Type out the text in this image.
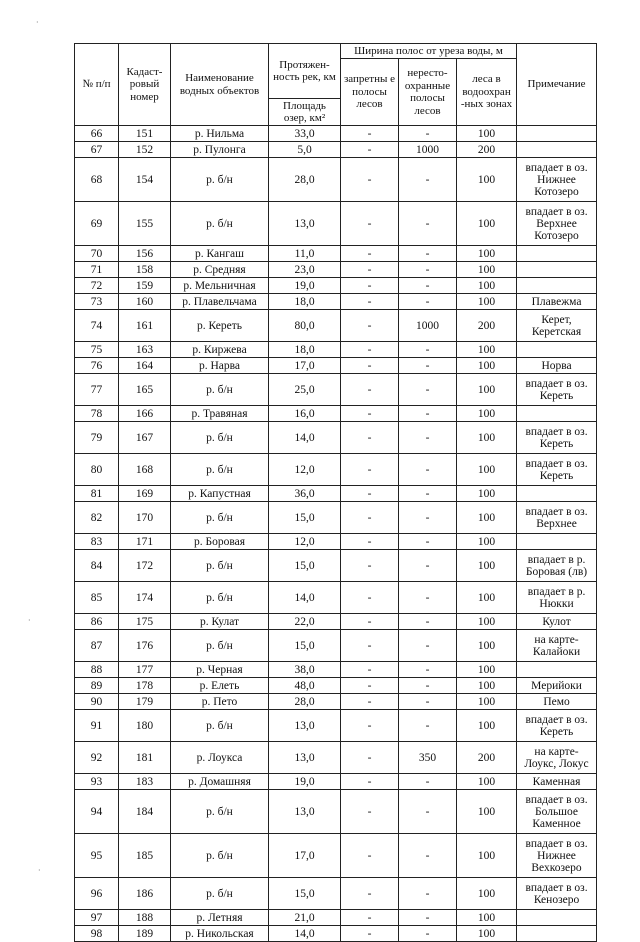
·
·
·
№ п/п	Кадаст-ровый номер	Наименование водных объектов	Протяжен-ность рек, км	Ширина полос от уреза воды, м			Примечание
				запретны е полосы лесов	нересто-охранные полосы лесов	леса в водоохран -ных зонах	
			Площадь озер, км²				
66	151	р. Нильма	33,0	-	-	100	
67	152	р. Пулонга	5,0	-	1000	200	
68	154	р. б/н	28,0	-	-	100	впадает в оз. Нижнее Котозеро
69	155	р. б/н	13,0	-	-	100	впадает в оз. Верхнее Котозеро
70	156	р. Кангаш	11,0	-	-	100	
71	158	р. Средняя	23,0	-	-	100	
72	159	р. Мельничная	19,0	-	-	100	
73	160	р. Плавельчама	18,0	-	-	100	Плавежма
74	161	р. Кереть	80,0	-	1000	200	Керет, Керетская
75	163	р. Киржева	18,0	-	-	100	
76	164	р. Нарва	17,0	-	-	100	Норва
77	165	р. б/н	25,0	-	-	100	впадает в оз. Кереть
78	166	р. Травяная	16,0	-	-	100	
79	167	р. б/н	14,0	-	-	100	впадает в оз. Кереть
80	168	р. б/н	12,0	-	-	100	впадает в оз. Кереть
81	169	р. Капустная	36,0	-	-	100	
82	170	р. б/н	15,0	-	-	100	впадает в оз. Верхнее
83	171	р. Боровая	12,0	-	-	100	
84	172	р. б/н	15,0	-	-	100	впадает в р. Боровая (лв)
85	174	р. б/н	14,0	-	-	100	впадает в р. Нюкки
86	175	р. Кулат	22,0	-	-	100	Кулот
87	176	р. б/н	15,0	-	-	100	на карте- Калайоки
88	177	р. Черная	38,0	-	-	100	
89	178	р. Елеть	48,0	-	-	100	Мерийоки
90	179	р. Пето	28,0	-	-	100	Пемо
91	180	р. б/н	13,0	-	-	100	впадает в оз. Кереть
92	181	р. Лоукса	13,0	-	350	200	на карте- Лоукс, Локус
93	183	р. Домашняя	19,0	-	-	100	Каменная
94	184	р. б/н	13,0	-	-	100	впадает в оз. Большое Каменное
95	185	р. б/н	17,0	-	-	100	впадает в оз. Нижнее Вехкозеро
96	186	р. б/н	15,0	-	-	100	впадает в оз. Кенозеро
97	188	р. Летняя	21,0	-	-	100	
98	189	р. Никольская	14,0	-	-	100	
